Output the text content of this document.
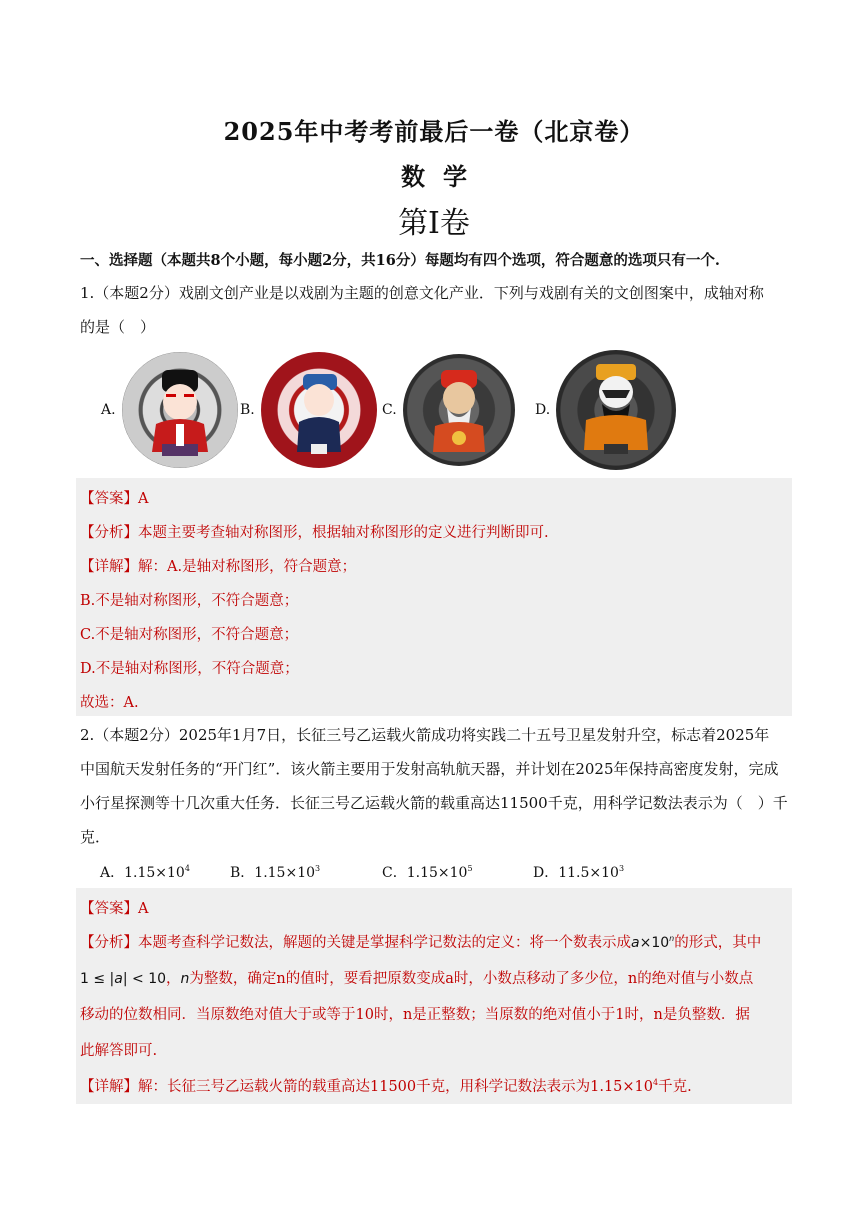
2025年中考考前最后一卷（北京卷）
数学
第I卷
一、选择题（本题共8个小题，每小题2分，共16分）每题均有四个选项，符合题意的选项只有一个.
1.（本题2分）戏剧文创产业是以戏剧为主题的创意文化产业．下列与戏剧有关的文创图案中，成轴对称
的是（　）
A.	B.	C.	D.
【答案】A
【分析】本题主要考查轴对称图形，根据轴对称图形的定义进行判断即可.
【详解】解：A.是轴对称图形，符合题意；
B.不是轴对称图形，不符合题意；
C.不是轴对称图形，不符合题意；
D.不是轴对称图形，不符合题意；
故选：A.
2.（本题2分）2025年1月7日，长征三号乙运载火箭成功将实践二十五号卫星发射升空，标志着2025年
中国航天发射任务的“开门红”．该火箭主要用于发射高轨航天器，并计划在2025年保持高密度发射，完成
小行星探测等十几次重大任务．长征三号乙运载火箭的载重高达11500千克，用科学记数法表示为（　）千
克．
A．$1.15\times 10^4$	B．$1.15\times 10^3$	C．$1.15\times 10^5$	D．$11.5\times 10^3$
【答案】A
【分析】本题考查科学记数法，解题的关键是掌握科学记数法的定义：将一个数表示成$a\times 10^n$的形式，其中
1 ≤ |a| < 10，n为整数，确定n的值时，要看把原数变成a时，小数点移动了多少位，n的绝对值与小数点
移动的位数相同．当原数绝对值大于或等于10时，n是正整数；当原数的绝对值小于1时，n是负整数．据
此解答即可.
【详解】解：长征三号乙运载火箭的载重高达11500千克，用科学记数法表示为$1.15\times 10^4$千克.
